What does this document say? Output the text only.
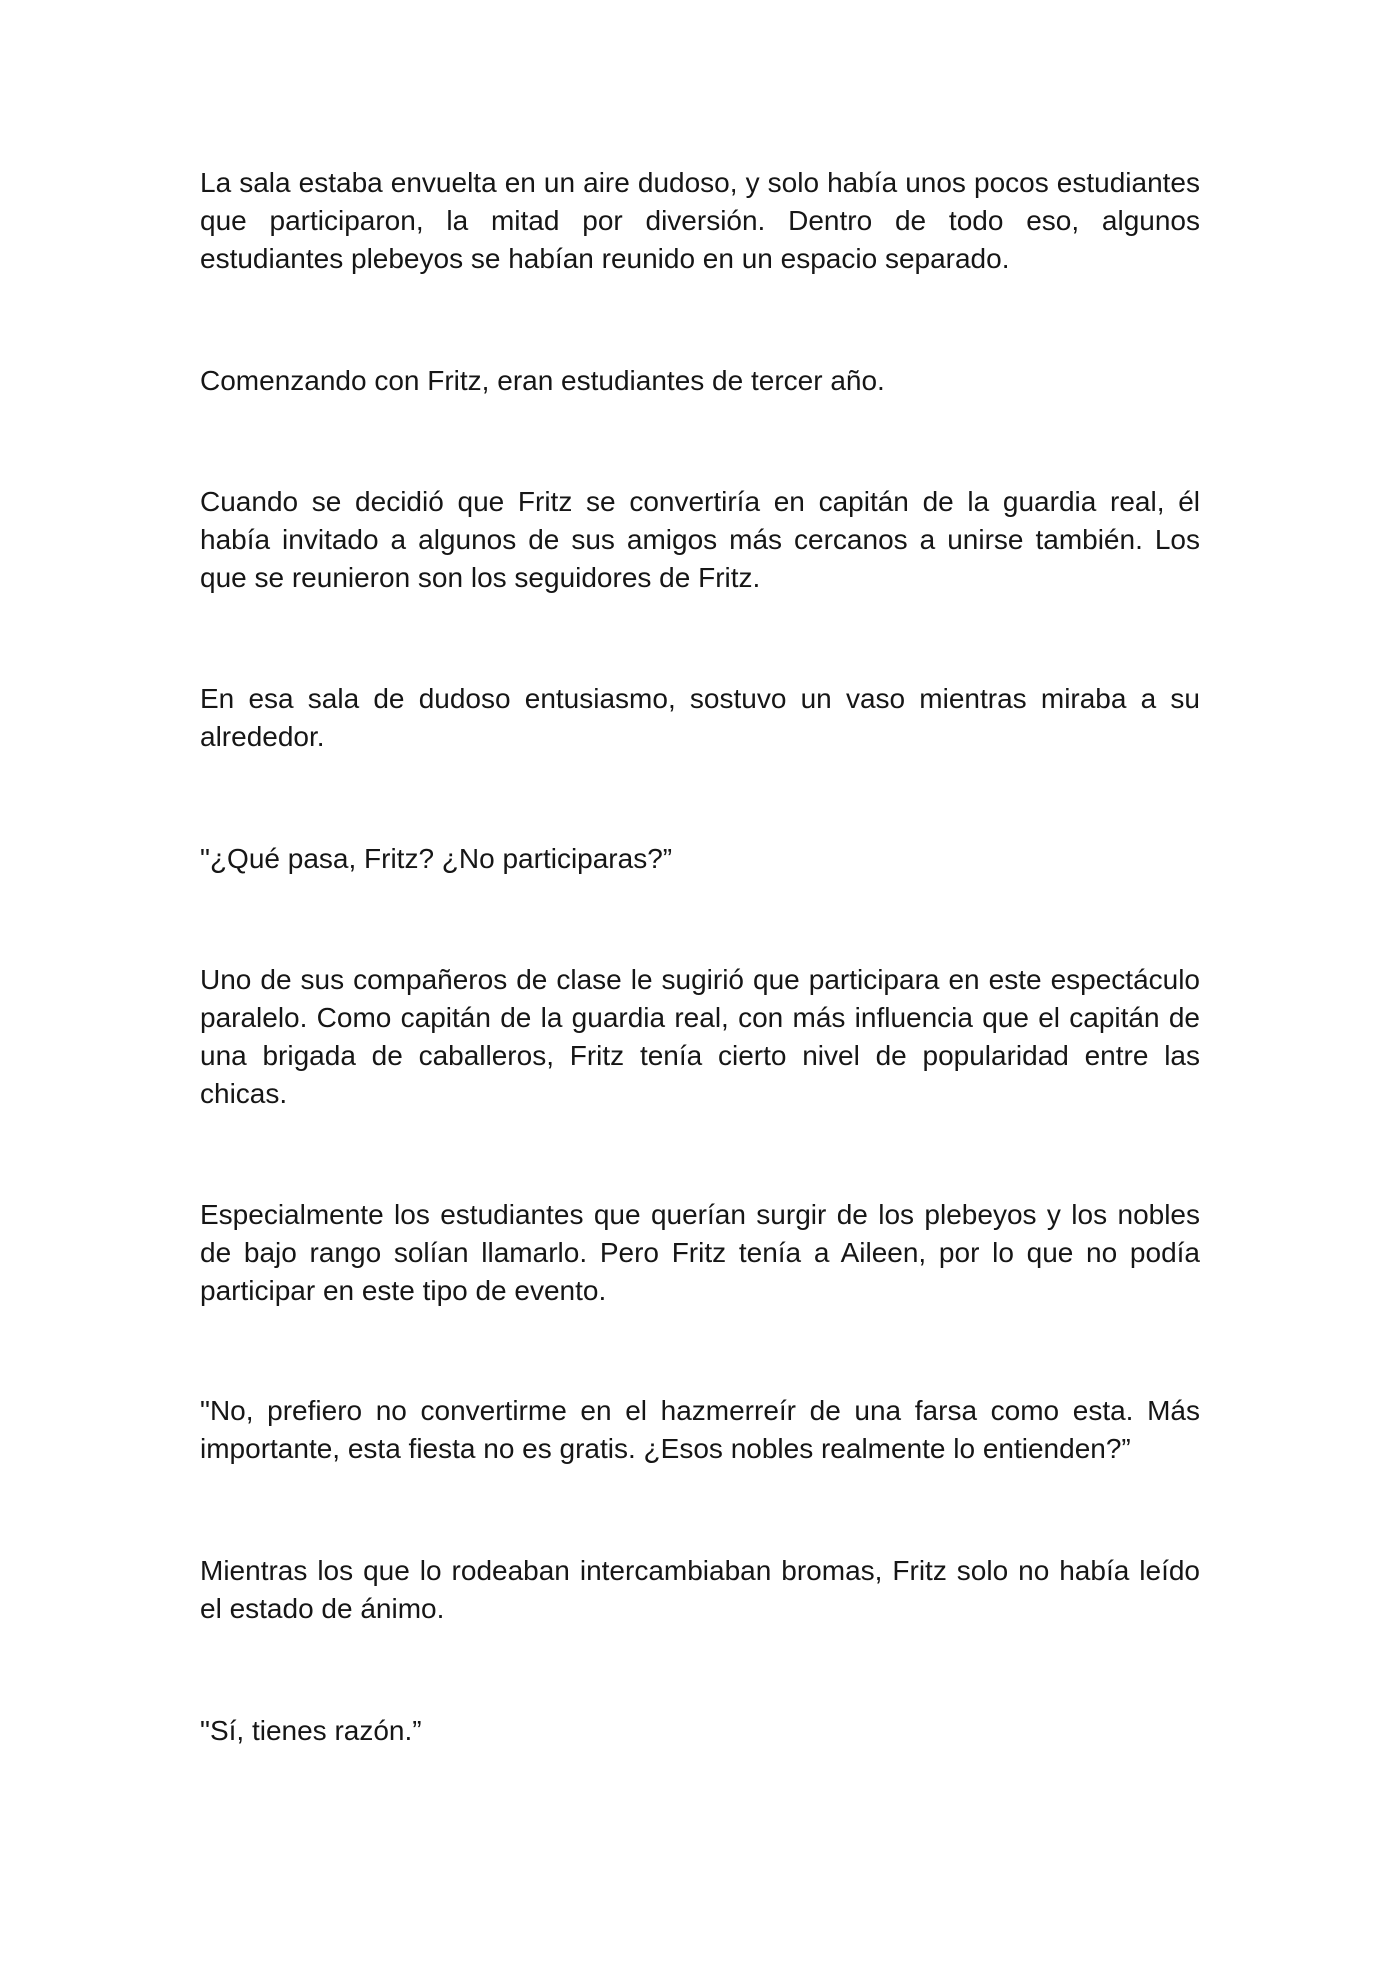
La sala estaba envuelta en un aire dudoso, y solo había unos pocos estudiantes que participaron, la mitad por diversión. Dentro de todo eso, algunos estudiantes plebeyos se habían reunido en un espacio separado.

Comenzando con Fritz, eran estudiantes de tercer año.

Cuando se decidió que Fritz se convertiría en capitán de la guardia real, él había invitado a algunos de sus amigos más cercanos a unirse también. Los que se reunieron son los seguidores de Fritz.

En esa sala de dudoso entusiasmo, sostuvo un vaso mientras miraba a su alrededor.

"¿Qué pasa, Fritz? ¿No participaras?”

Uno de sus compañeros de clase le sugirió que participara en este espectáculo paralelo. Como capitán de la guardia real, con más influencia que el capitán de una brigada de caballeros, Fritz tenía cierto nivel de popularidad entre las chicas.

Especialmente los estudiantes que querían surgir de los plebeyos y los nobles de bajo rango solían llamarlo. Pero Fritz tenía a Aileen, por lo que no podía participar en este tipo de evento.

"No, prefiero no convertirme en el hazmerreír de una farsa como esta. Más importante, esta fiesta no es gratis. ¿Esos nobles realmente lo entienden?”

Mientras los que lo rodeaban intercambiaban bromas, Fritz solo no había leído el estado de ánimo.

"Sí, tienes razón.”
